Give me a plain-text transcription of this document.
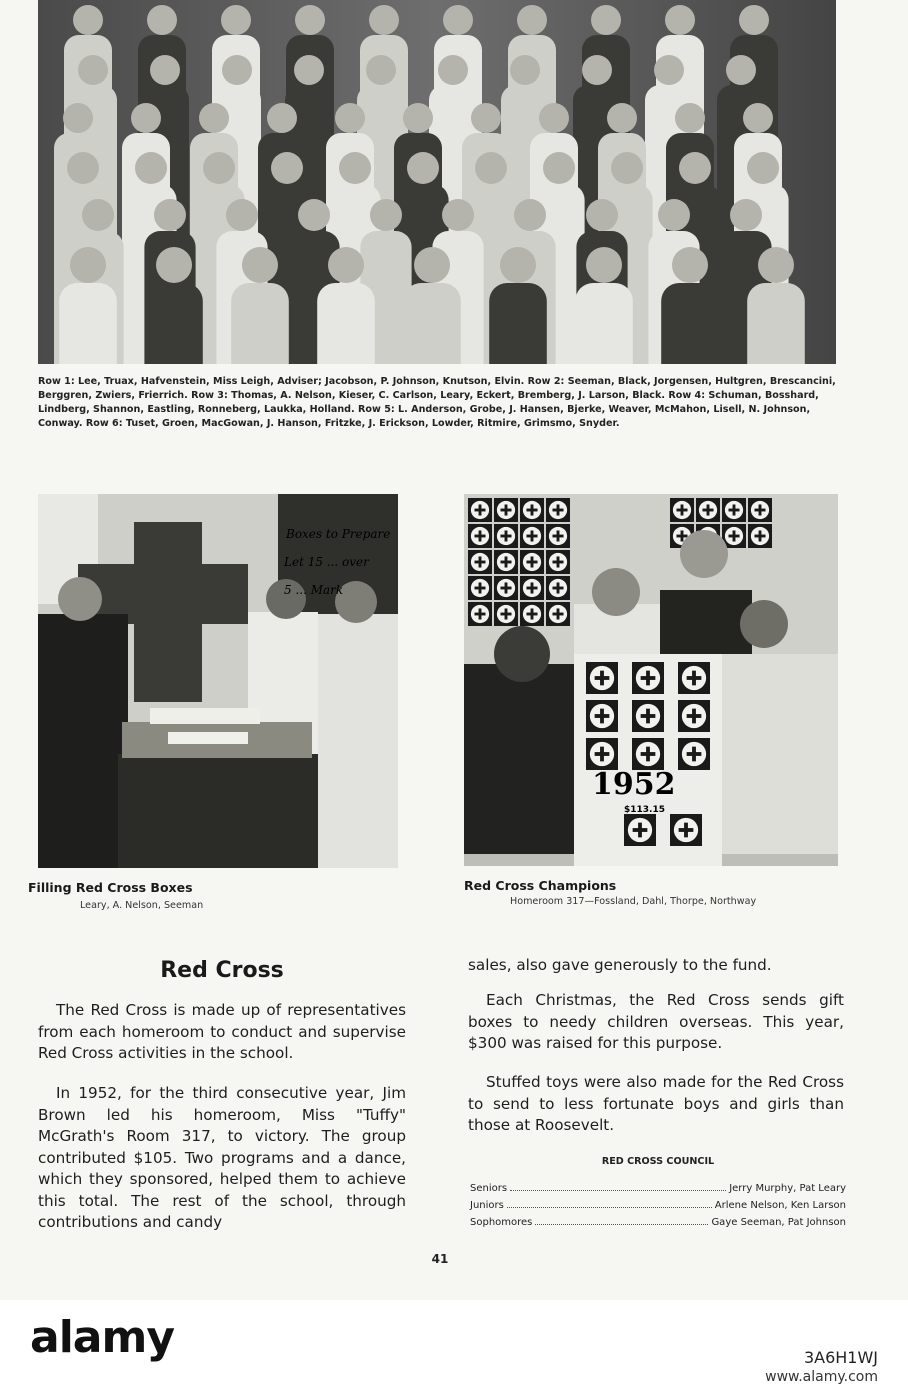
Row 1: Lee, Truax, Hafvenstein, Miss Leigh, Adviser; Jacobson, P. Johnson, Knutson, Elvin. Row 2: Seeman, Black, Jorgensen, Hultgren, Brescancini, Berggren, Zwiers, Frierrich. Row 3: Thomas, A. Nelson, Kieser, C. Carlson, Leary, Eckert, Bremberg, J. Larson, Black. Row 4: Schuman, Bosshard, Lindberg, Shannon, Eastling, Ronneberg, Laukka, Holland. Row 5: L. Anderson, Grobe, J. Hansen, Bjerke, Weaver, McMahon, Lisell, N. Johnson, Conway. Row 6: Tuset, Groen, MacGowan, J. Hanson, Fritzke, J. Erickson, Lowder, Ritmire, Grimsmo, Snyder.
Boxes to Prepare
Let 15 ... over
5 ... Mark
1952
$113.15
Filling Red Cross Boxes
Leary, A. Nelson, Seeman
Red Cross Champions
Homeroom 317—Fossland, Dahl, Thorpe, Northway
Red Cross

The Red Cross is made up of representatives from each homeroom to conduct and supervise Red Cross activities in the school.

In 1952, for the third consecutive year, Jim Brown led his homeroom, Miss "Tuffy" McGrath's Room 317, to victory. The group contributed $105. Two programs and a dance, which they sponsored, helped them to achieve this total. The rest of the school, through contributions and candy

sales, also gave generously to the fund.

Each Christmas, the Red Cross sends gift boxes to needy children overseas. This year, $300 was raised for this purpose.

Stuffed toys were also made for the Red Cross to send to less fortunate boys and girls than those at Roosevelt.

RED CROSS COUNCIL
Seniors	Jerry Murphy, Pat Leary
Juniors	Arlene Nelson, Ken Larson
Sophomores	Gaye Seeman, Pat Johnson
41
alamy	3A6H1WJ
www.alamy.com
